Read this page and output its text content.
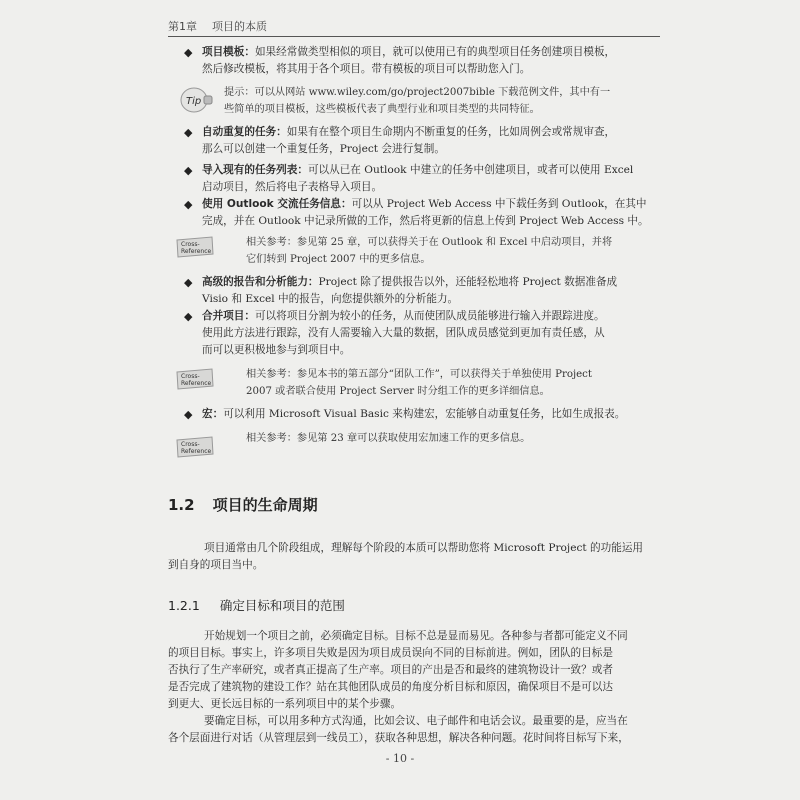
第1章 项目的本质
◆ 项目模板：如果经常做类型相似的项目，就可以使用已有的典型项目任务创建项目模板，
然后修改模板，将其用于各个项目。带有模板的项目可以帮助您入门。
Tip
提示：可以从网站 www.wiley.com/go/project2007bible 下载范例文件，其中有一
些简单的项目模板，这些模板代表了典型行业和项目类型的共同特征。
◆ 自动重复的任务：如果有在整个项目生命期内不断重复的任务，比如周例会或常规审查，
那么可以创建一个重复任务，Project 会进行复制。
◆ 导入现有的任务列表：可以从已在 Outlook 中建立的任务中创建项目，或者可以使用 Excel
启动项目，然后将电子表格导入项目。
◆ 使用 Outlook 交流任务信息：可以从 Project Web Access 中下载任务到 Outlook，在其中
完成，并在 Outlook 中记录所做的工作，然后将更新的信息上传到 Project Web Access 中。
Cross-
Reference
相关参考：参见第 25 章，可以获得关于在 Outlook 和 Excel 中启动项目，并将
它们转到 Project 2007 中的更多信息。
◆ 高级的报告和分析能力：Project 除了提供报告以外，还能轻松地将 Project 数据准备成
Visio 和 Excel 中的报告，向您提供额外的分析能力。
◆ 合并项目：可以将项目分割为较小的任务，从而使团队成员能够进行输入并跟踪进度。
使用此方法进行跟踪，没有人需要输入大量的数据，团队成员感觉到更加有责任感，从
而可以更积极地参与到项目中。
Cross-
Reference
相关参考：参见本书的第五部分“团队工作”，可以获得关于单独使用 Project
2007 或者联合使用 Project Server 时分组工作的更多详细信息。
◆ 宏：可以利用 Microsoft Visual Basic 来构建宏，宏能够自动重复任务，比如生成报表。
Cross-
Reference
相关参考：参见第 23 章可以获取使用宏加速工作的更多信息。
1.2 项目的生命周期
项目通常由几个阶段组成，理解每个阶段的本质可以帮助您将 Microsoft Project 的功能运用

到自身的项目当中。
1.2.1 确定目标和项目的范围
开始规划一个项目之前，必须确定目标。目标不总是显而易见。各种参与者都可能定义不同
的项目目标。事实上，许多项目失败是因为项目成员误向不同的目标前进。例如，团队的目标是
否执行了生产率研究，或者真正提高了生产率。项目的产出是否和最终的建筑物设计一致？或者
是否完成了建筑物的建设工作？站在其他团队成员的角度分析目标和原因，确保项目不是可以达
到更大、更长远目标的一系列项目中的某个步骤。
要确定目标，可以用多种方式沟通，比如会议、电子邮件和电话会议。最重要的是，应当在
各个层面进行对话（从管理层到一线员工），获取各种思想，解决各种问题。花时间将目标写下来，
- 10 -
